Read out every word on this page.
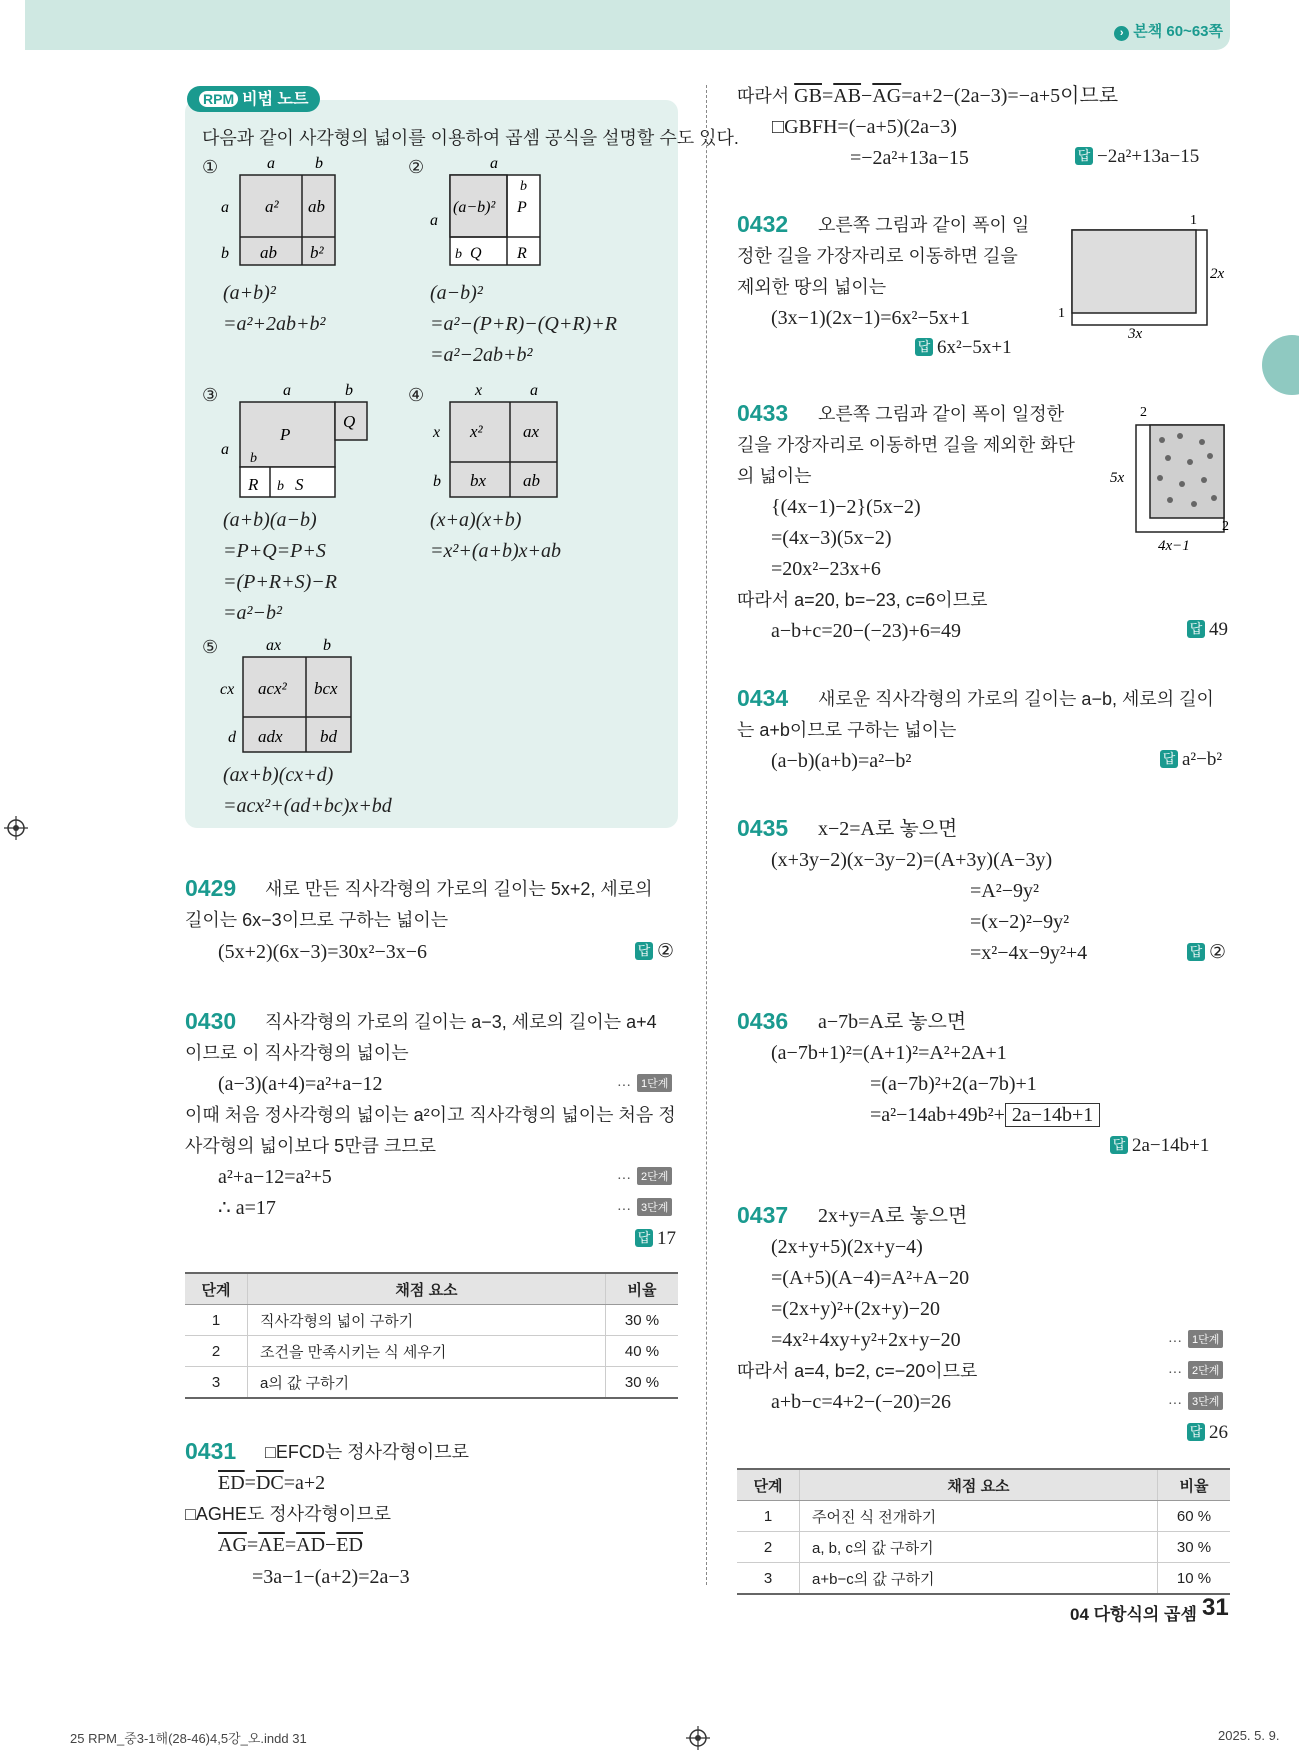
› 본책 60~63쪽
RPM 비법 노트
다음과 같이 사각형의 넓이를 이용하여 곱셈 공식을 설명할 수도 있다.
①
a² ab
ab b²
a	b
a
b
(a+b)²
=a²+2ab+b²
②
(a−b)² P
Q R
a
b
b
a
(a−b)²
=a²−(P+R)−(Q+R)+R
=a²−2ab+b²
③
P
Q
R S
a	b
a
b
b
(a+b)(a−b)
=P+Q=P+S
=(P+R+S)−R
=a²−b²
④
x² ax
bx ab
x	a
x
b
(x+a)(x+b)
=x²+(a+b)x+ab
⑤
acx² bcx
adx bd
ax	b
cx
d
(ax+b)(cx+d)
=acx²+(ad+bc)x+bd
0429 새로 만든 직사각형의 가로의 길이는 5x+2, 세로의
길이는 6x−3이므로 구하는 넓이는
(5x+2)(6x−3)=30x²−3x−6	답 ②
0430 직사각형의 가로의 길이는 a−3, 세로의 길이는 a+4
이므로 이 직사각형의 넓이는
(a−3)(a+4)=a²+a−12	··· 1단계
이때 처음 정사각형의 넓이는 a²이고 직사각형의 넓이는 처음 정
사각형의 넓이보다 5만큼 크므로
a²+a−12=a²+5	··· 2단계
∴ a=17	··· 3단계
답 17
단계	채점 요소	비율
1	직사각형의 넓이 구하기	30 %
2	조건을 만족시키는 식 세우기	40 %
3	a의 값 구하기	30 %
0431 □EFCD는 정사각형이므로
$\overline{ED}=\overline{DC}=a+2$
□AGHE도 정사각형이므로
$\overline{AG}=\overline{AE}=\overline{AD}-\overline{ED}$
=3a−1−(a+2)=2a−3
따라서 $\overline{GB}=\overline{AB}-\overline{AG}=a+2-(2a-3)=-a+5$이므로
□GBFH=(−a+5)(2a−3)
=−2a²+13a−15	답 −2a²+13a−15
0432 오른쪽 그림과 같이 폭이 일
정한 길을 가장자리로 이동하면 길을
제외한 땅의 넓이는
(3x−1)(2x−1)=6x²−5x+1
답 6x²−5x+1
1
3x
1
2x
0433 오른쪽 그림과 같이 폭이 일정한
길을 가장자리로 이동하면 길을 제외한 화단
의 넓이는
{(4x−1)−2}(5x−2)
=(4x−3)(5x−2)
=20x²−23x+6
따라서 a=20, b=−23, c=6이므로
a−b+c=20−(−23)+6=49	답 49
2
5x
2
4x−1
0434 새로운 직사각형의 가로의 길이는 a−b, 세로의 길이
는 a+b이므로 구하는 넓이는
(a−b)(a+b)=a²−b²	답 a²−b²
0435 x−2=A로 놓으면
(x+3y−2)(x−3y−2)=(A+3y)(A−3y)
=A²−9y²
=(x−2)²−9y²
=x²−4x−9y²+4	답 ②
0436 a−7b=A로 놓으면
(a−7b+1)²=(A+1)²=A²+2A+1
=(a−7b)²+2(a−7b)+1
=a²−14ab+49b²+ 2a−14b+1
답 2a−14b+1
0437 2x+y=A로 놓으면
(2x+y+5)(2x+y−4)
=(A+5)(A−4)=A²+A−20
=(2x+y)²+(2x+y)−20
=4x²+4xy+y²+2x+y−20	··· 1단계
따라서 a=4, b=2, c=−20이므로	··· 2단계
a+b−c=4+2−(−20)=26	··· 3단계
답 26
단계	채점 요소	비율
1	주어진 식 전개하기	60 %
2	a, b, c의 값 구하기	30 %
3	a+b−c의 값 구하기	10 %
04 다항식의 곱셈 31
25 RPM_중3-1해(28-46)4,5강_오.indd 31	2025. 5. 9.
